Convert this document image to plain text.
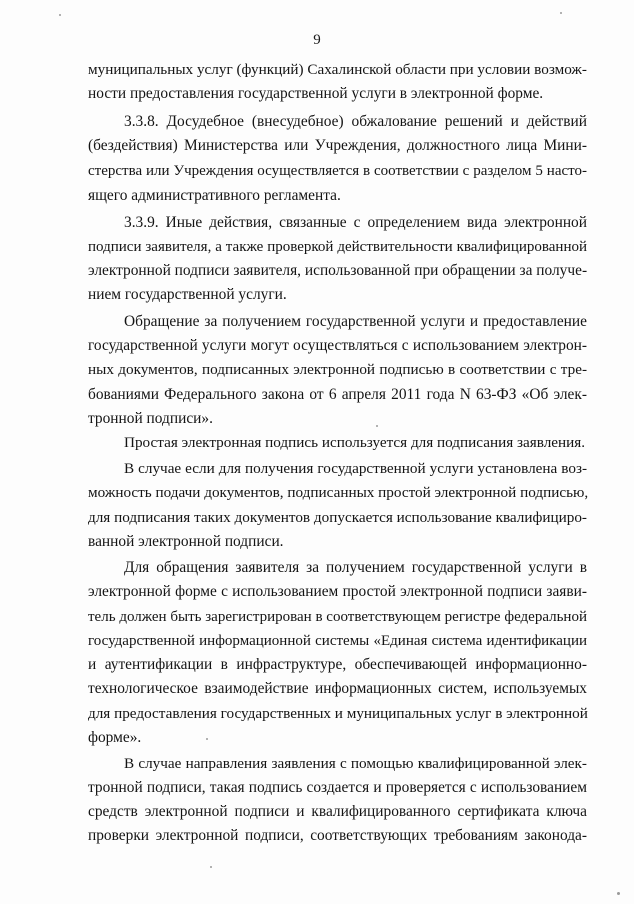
9
муниципальных услуг (функций) Сахалинской области при условии возмож-
ности предоставления государственной услуги в электронной форме.
3.3.8. Досудебное (внесудебное) обжалование решений и действий
(бездействия) Министерства или Учреждения, должностного лица Мини-
стерства или Учреждения осуществляется в соответствии с разделом 5 насто-
ящего административного регламента.
3.3.9. Иные действия, связанные с определением вида электронной
подписи заявителя, а также проверкой действительности квалифицированной
электронной подписи заявителя, использованной при обращении за получе-
нием государственной услуги.
Обращение за получением государственной услуги и предоставление
государственной услуги могут осуществляться с использованием электрон-
ных документов, подписанных электронной подписью в соответствии с тре-
бованиями Федерального закона от 6 апреля 2011 года N 63-ФЗ «Об элек-
тронной подписи».
Простая электронная подпись используется для подписания заявления.
В случае если для получения государственной услуги установлена воз-
можность подачи документов, подписанных простой электронной подписью,
для подписания таких документов допускается использование квалифициро-
ванной электронной подписи.
Для обращения заявителя за получением государственной услуги в
электронной форме с использованием простой электронной подписи заяви-
тель должен быть зарегистрирован в соответствующем регистре федеральной
государственной информационной системы «Единая система идентификации
и аутентификации в инфраструктуре, обеспечивающей информационно-
технологическое взаимодействие информационных систем, используемых
для предоставления государственных и муниципальных услуг в электронной
форме».
В случае направления заявления с помощью квалифицированной элек-
тронной подписи, такая подпись создается и проверяется с использованием
средств электронной подписи и квалифицированного сертификата ключа
проверки электронной подписи, соответствующих требованиям законода-
